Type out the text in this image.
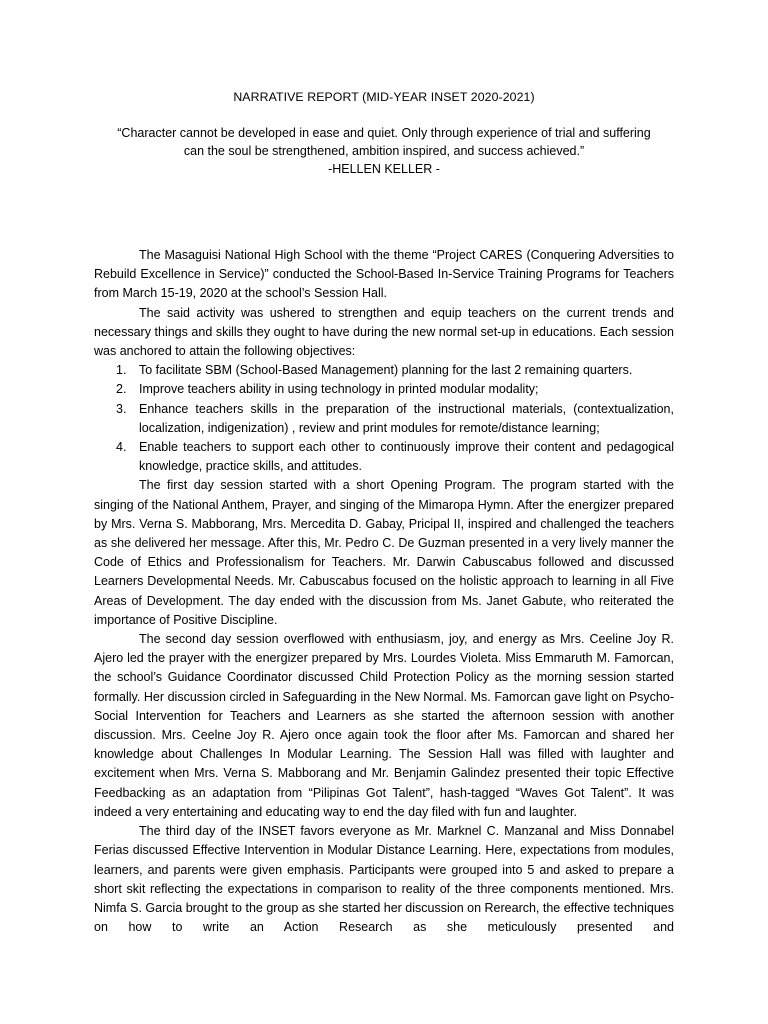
NARRATIVE REPORT (MID-YEAR INSET 2020-2021)
“Character cannot be developed in ease and quiet. Only through experience of trial and suffering
can the soul be strengthened, ambition inspired, and success achieved.”
-HELLEN KELLER -

The Masaguisi National High School with the theme “Project CARES (Conquering Adversities to Rebuild Excellence in Service)” conducted the School-Based In-Service Training Programs for Teachers from March 15-19, 2020 at the school’s Session Hall.

The said activity was ushered to strengthen and equip teachers on the current trends and necessary things and skills they ought to have during the new normal set-up in educations. Each session was anchored to attain the following objectives:

1. To facilitate SBM (School-Based Management) planning for the last 2 remaining quarters.
2. Improve teachers ability in using technology in printed modular modality;
3. Enhance teachers skills in the preparation of the instructional materials, (contextualization, localization, indigenization) , review and print modules for remote/distance learning;
4. Enable teachers to support each other to continuously improve their content and pedagogical knowledge, practice skills, and attitudes.

The first day session started with a short Opening Program. The program started with the singing of the National Anthem, Prayer, and singing of the Mimaropa Hymn. After the energizer prepared by Mrs. Verna S. Mabborang, Mrs. Mercedita D. Gabay, Pricipal II, inspired and challenged the teachers as she delivered her message. After this, Mr. Pedro C. De Guzman presented in a very lively manner the Code of Ethics and Professionalism for Teachers. Mr. Darwin Cabuscabus followed and discussed Learners Developmental Needs. Mr. Cabuscabus focused on the holistic approach to learning in all Five Areas of Development. The day ended with the discussion from Ms. Janet Gabute, who reiterated the importance of Positive Discipline.

The second day session overflowed with enthusiasm, joy, and energy as Mrs. Ceeline Joy R. Ajero led the prayer with the energizer prepared by Mrs. Lourdes Violeta. Miss Emmaruth M. Famorcan, the school’s Guidance Coordinator discussed Child Protection Policy as the morning session started formally. Her discussion circled in Safeguarding in the New Normal. Ms. Famorcan gave light on Psycho-Social Intervention for Teachers and Learners as she started the afternoon session with another discussion. Mrs. Ceelne Joy R. Ajero once again took the floor after Ms. Famorcan and shared her knowledge about Challenges In Modular Learning. The Session Hall was filled with laughter and excitement when Mrs. Verna S. Mabborang and Mr. Benjamin Galindez presented their topic Effective Feedbacking as an adaptation from “Pilipinas Got Talent”, hash-tagged “Waves Got Talent”. It was indeed a very entertaining and educating way to end the day filed with fun and laughter.

The third day of the INSET favors everyone as Mr. Marknel C. Manzanal and Miss Donnabel Ferias discussed Effective Intervention in Modular Distance Learning. Here, expectations from modules, learners, and parents were given emphasis. Participants were grouped into 5 and asked to prepare a short skit reflecting the expectations in comparison to reality of the three components mentioned. Mrs. Nimfa S. Garcia brought to the group as she started her discussion on Rerearch, the effective techniques on how to write an Action Research as she meticulously presented and
